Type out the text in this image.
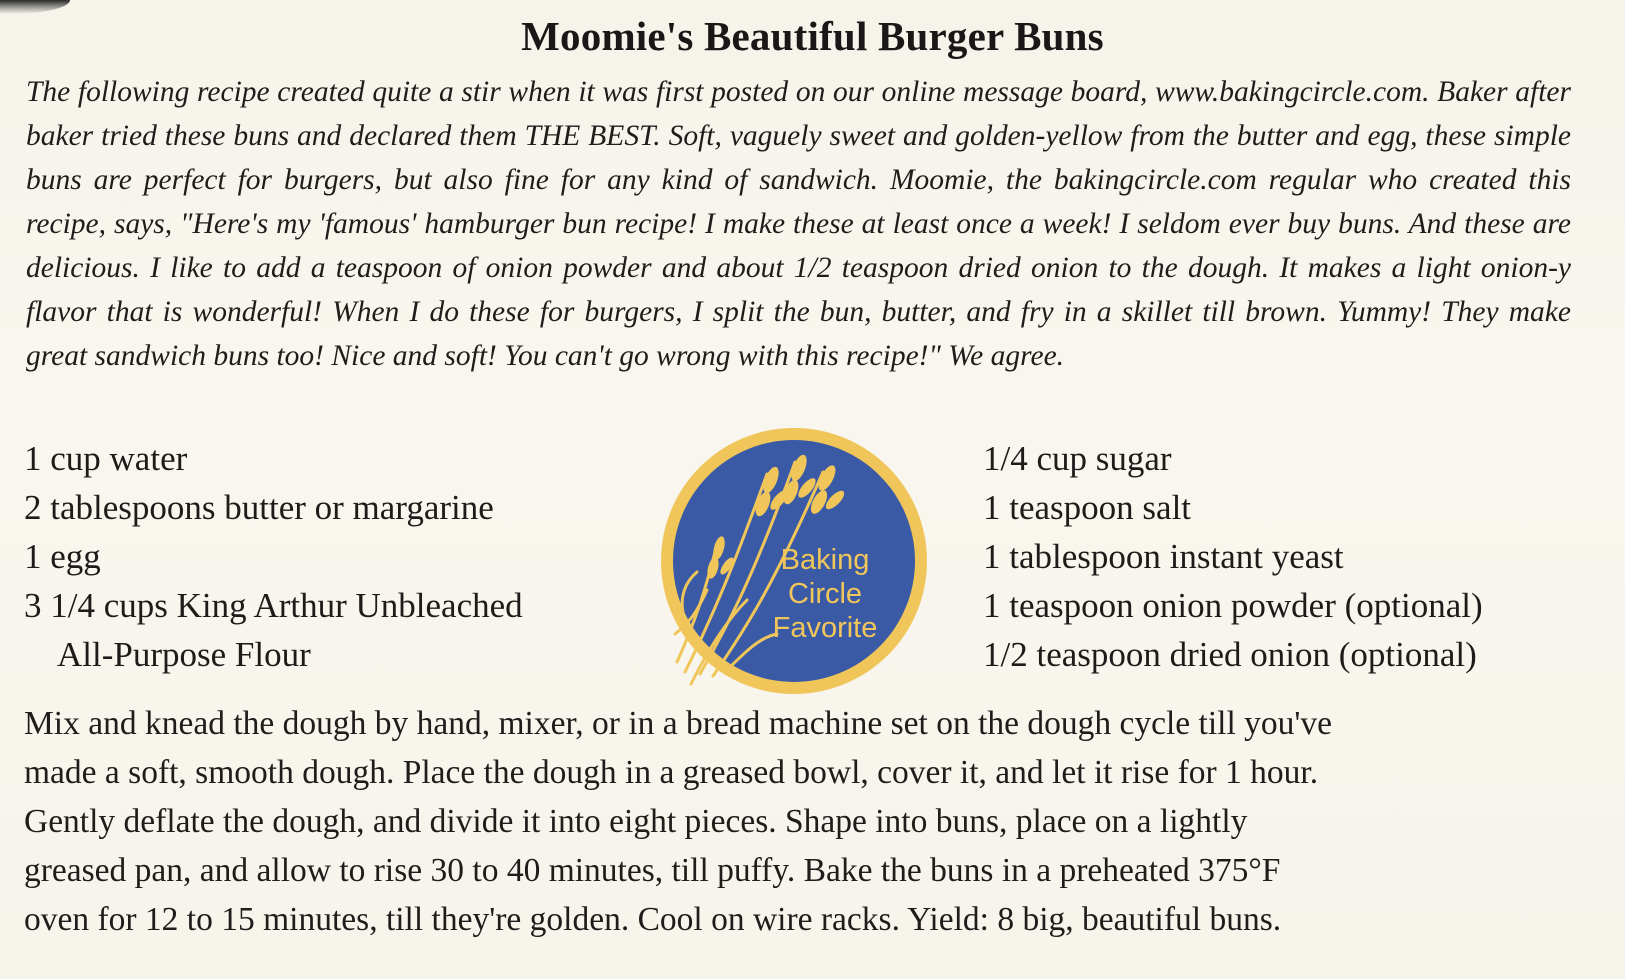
Moomie's Beautiful Burger Buns

The following recipe created quite a stir when it was first posted on our online message board, www.bakingcircle.com. Baker after baker tried these buns and declared them THE BEST. Soft, vaguely sweet and golden-yellow from the butter and egg, these simple buns are perfect for burgers, but also fine for any kind of sandwich. Moomie, the bakingcircle.com regular who created this recipe, says, "Here's my 'famous' hamburger bun recipe! I make these at least once a week! I seldom ever buy buns. And these are delicious. I like to add a teaspoon of onion powder and about 1/2 teaspoon dried onion to the dough. It makes a light onion-y flavor that is wonderful! When I do these for burgers, I split the bun, butter, and fry in a skillet till brown. Yummy! They make great sandwich buns too! Nice and soft! You can't go wrong with this recipe!" We agree.

1 cup water
2 tablespoons butter or margarine
1 egg
3 1/4 cups King Arthur Unbleached
All-Purpose Flour
Baking
Circle
Favorite
1/4 cup sugar
1 teaspoon salt
1 tablespoon instant yeast
1 teaspoon onion powder (optional)
1/2 teaspoon dried onion (optional)

Mix and knead the dough by hand, mixer, or in a bread machine set on the dough cycle till you've
made a soft, smooth dough. Place the dough in a greased bowl, cover it, and let it rise for 1 hour.
Gently deflate the dough, and divide it into eight pieces. Shape into buns, place on a lightly
greased pan, and allow to rise 30 to 40 minutes, till puffy. Bake the buns in a preheated 375°F
oven for 12 to 15 minutes, till they're golden. Cool on wire racks. Yield: 8 big, beautiful buns.
